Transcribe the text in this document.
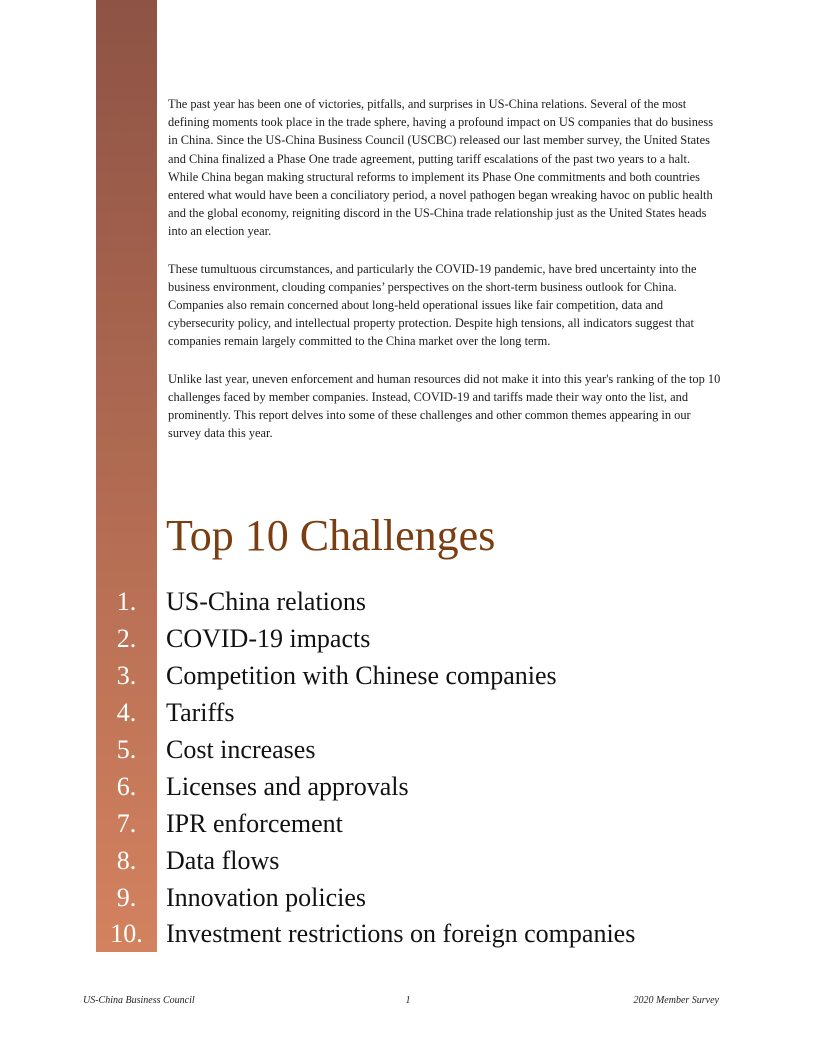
The past year has been one of victories, pitfalls, and surprises in US-China relations. Several of the most defining moments took place in the trade sphere, having a profound impact on US companies that do business in China. Since the US-China Business Council (USCBC) released our last member survey, the United States and China finalized a Phase One trade agreement, putting tariff escalations of the past two years to a halt. While China began making structural reforms to implement its Phase One commitments and both countries entered what would have been a conciliatory period, a novel pathogen began wreaking havoc on public health and the global economy, reigniting discord in the US-China trade relationship just as the United States heads into an election year.

These tumultuous circumstances, and particularly the COVID-19 pandemic, have bred uncertainty into the business environment, clouding companies’ perspectives on the short-term business outlook for China. Companies also remain concerned about long-held operational issues like fair competition, data and cybersecurity policy, and intellectual property protection. Despite high tensions, all indicators suggest that companies remain largely committed to the China market over the long term.

Unlike last year, uneven enforcement and human resources did not make it into this year's ranking of the top 10 challenges faced by member companies. Instead, COVID-19 and tariffs made their way onto the list, and prominently. This report delves into some of these challenges and other common themes appearing in our survey data this year.

Top 10 Challenges
1.	US-China relations
2.	COVID-19 impacts
3.	Competition with Chinese companies
4.	Tariffs
5.	Cost increases
6.	Licenses and approvals
7.	IPR enforcement
8.	Data flows
9.	Innovation policies
10. Investment restrictions on foreign companies
US-China Business Council	1	2020 Member Survey
